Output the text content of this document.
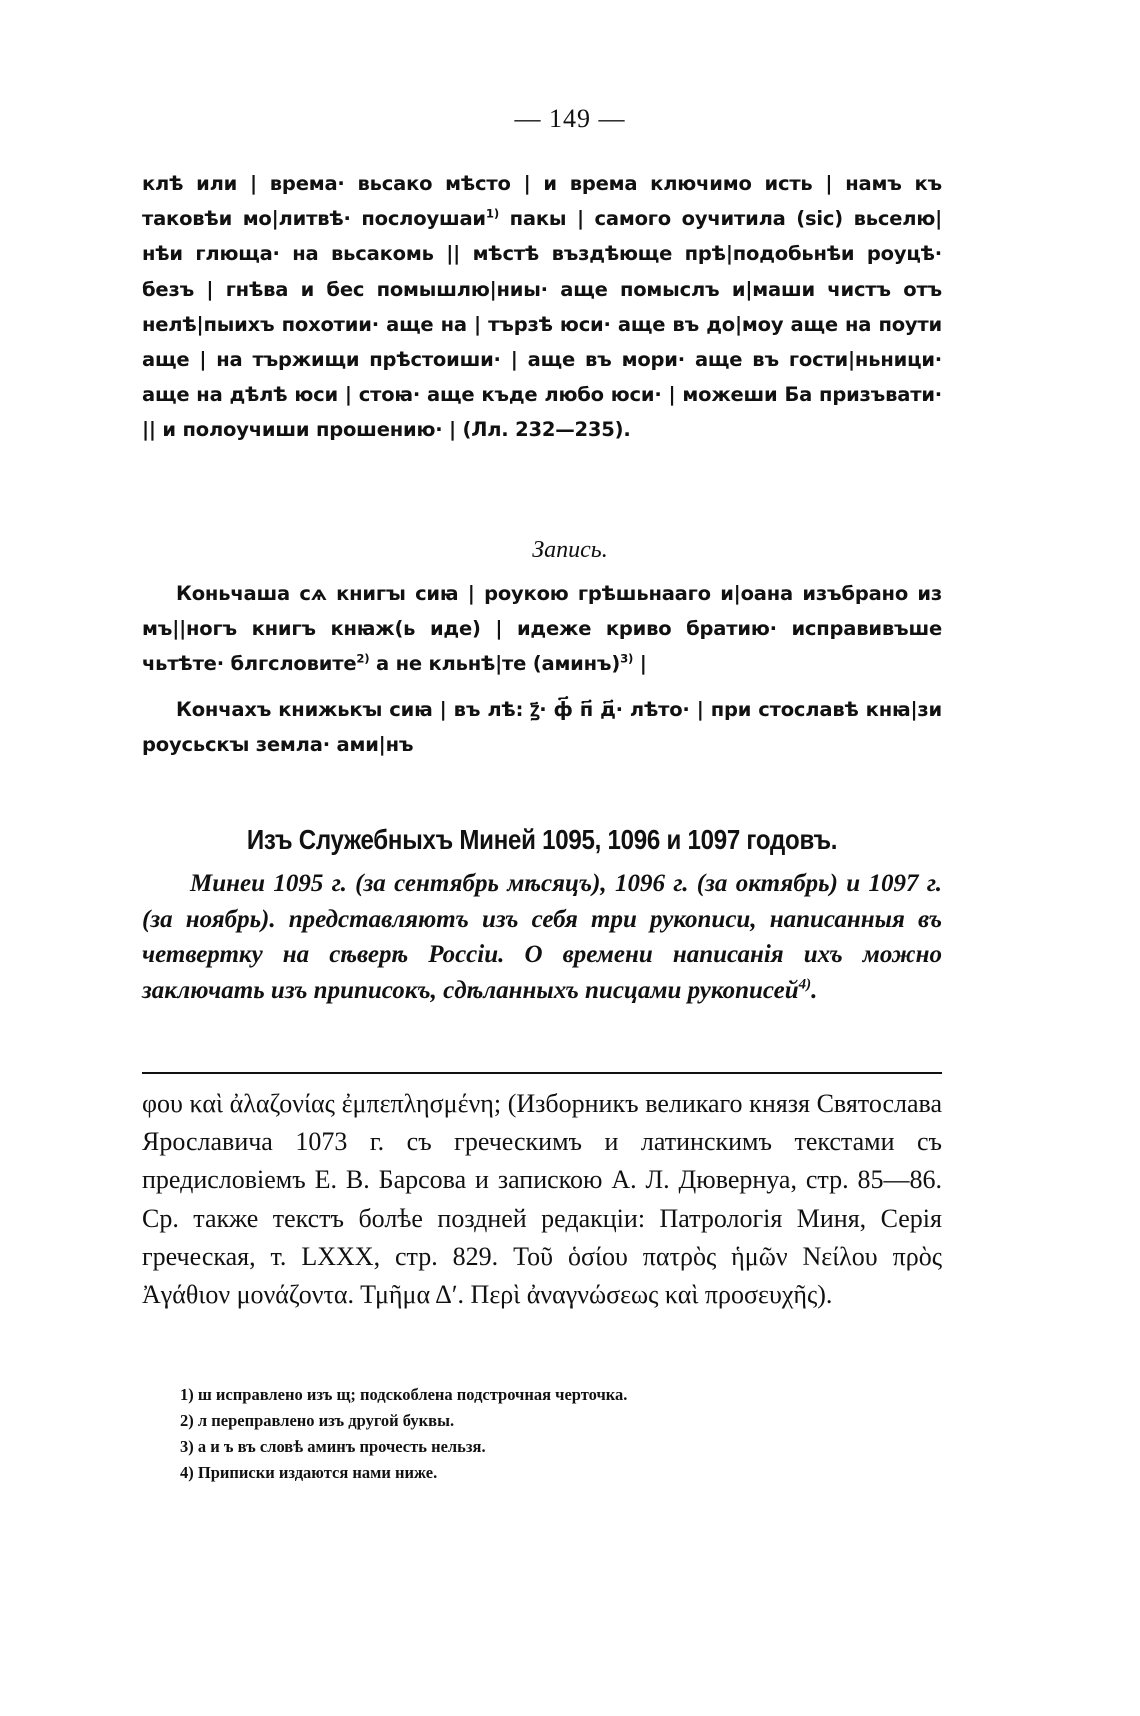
— 149 —

клѣ или | врема· вьсако мѣсто | и врема ключимо исть | намъ къ таковѣи мо|литвѣ· послоушаи$^{1)}$ пакы | самого оучитила (sic) вьселю|нѣи глюща· на вьсакомь || мѣстѣ въздѣюще прѣ|подобьнѣи роуцѣ· безъ | гнѣва и бес помышлю|ниы· аще помыслъ и|маши чистъ отъ нелѣ|пыихъ похотии· аще на | тързѣ юси· аще въ до|моу аще на поути аще | на тържищи прѣстоиши· | аще въ мори· аще въ гости|ньници· аще на дѣлѣ юси | стоꙗ· аще къде любо юси· | можеши Ба призъвати· || и полоучиши прошению· | (Лл. 232—235).

Запись.

Коньчаша сѧ книгꙑ сиꙗ | роукою грѣшьнааго и|оана изъбрано из мъ||ногъ книгъ кнꙗж(ь иде) | идеже криво братию· исправивъше чьтѣте· блгсловите$^{2)}$ а не кльнѣ|те (аминъ)$^{3)}$ |

Кончахъ книжькꙑ сиꙗ | въ лѣ: ꙁ҃· ф҃ п҃ д҃· лѣто· | при стославѣ кнꙗ|зи роусьскꙑ земла· ами|нъ

Изъ Служебныхъ Миней 1095, 1096 и 1097 годовъ.

Минеи 1095 г. (за сентябрь мѣсяцъ), 1096 г. (за октябрь) и 1097 г. (за ноябрь). представляютъ изъ себя три рукописи, написанныя въ четвертку на сѣверѣ Россіи. О времени написанія ихъ можно заключать изъ приписокъ, сдѣланныхъ писцами рукописей$^{4)}$.

φου καὶ ἀλαζονίας ἐμπεπλησμένη; (Изборникъ великаго князя Святослава Ярославича 1073 г. съ греческимъ и латинскимъ текстами съ предисловіемъ Е. В. Барсова и запискою А. Л. Дювернуа, стр. 85—86. Ср. также текстъ болѣе поздней редакціи: Патрологія Миня, Серія греческая, т. LXXX, стр. 829. Τοῦ ὁσίου πατρὸς ἡμῶν Νείλου πρὸς Ἀγάθιον μονάζοντα. Τμῆμα Δʹ. Περὶ ἀναγνώσεως καὶ προσευχῆς).

1) ш исправлено изъ щ; подскоблена подстрочная черточка.
2) л переправлено изъ другой буквы.
3) а и ъ въ словѣ аминъ прочесть нельзя.
4) Приписки издаются нами ниже.
